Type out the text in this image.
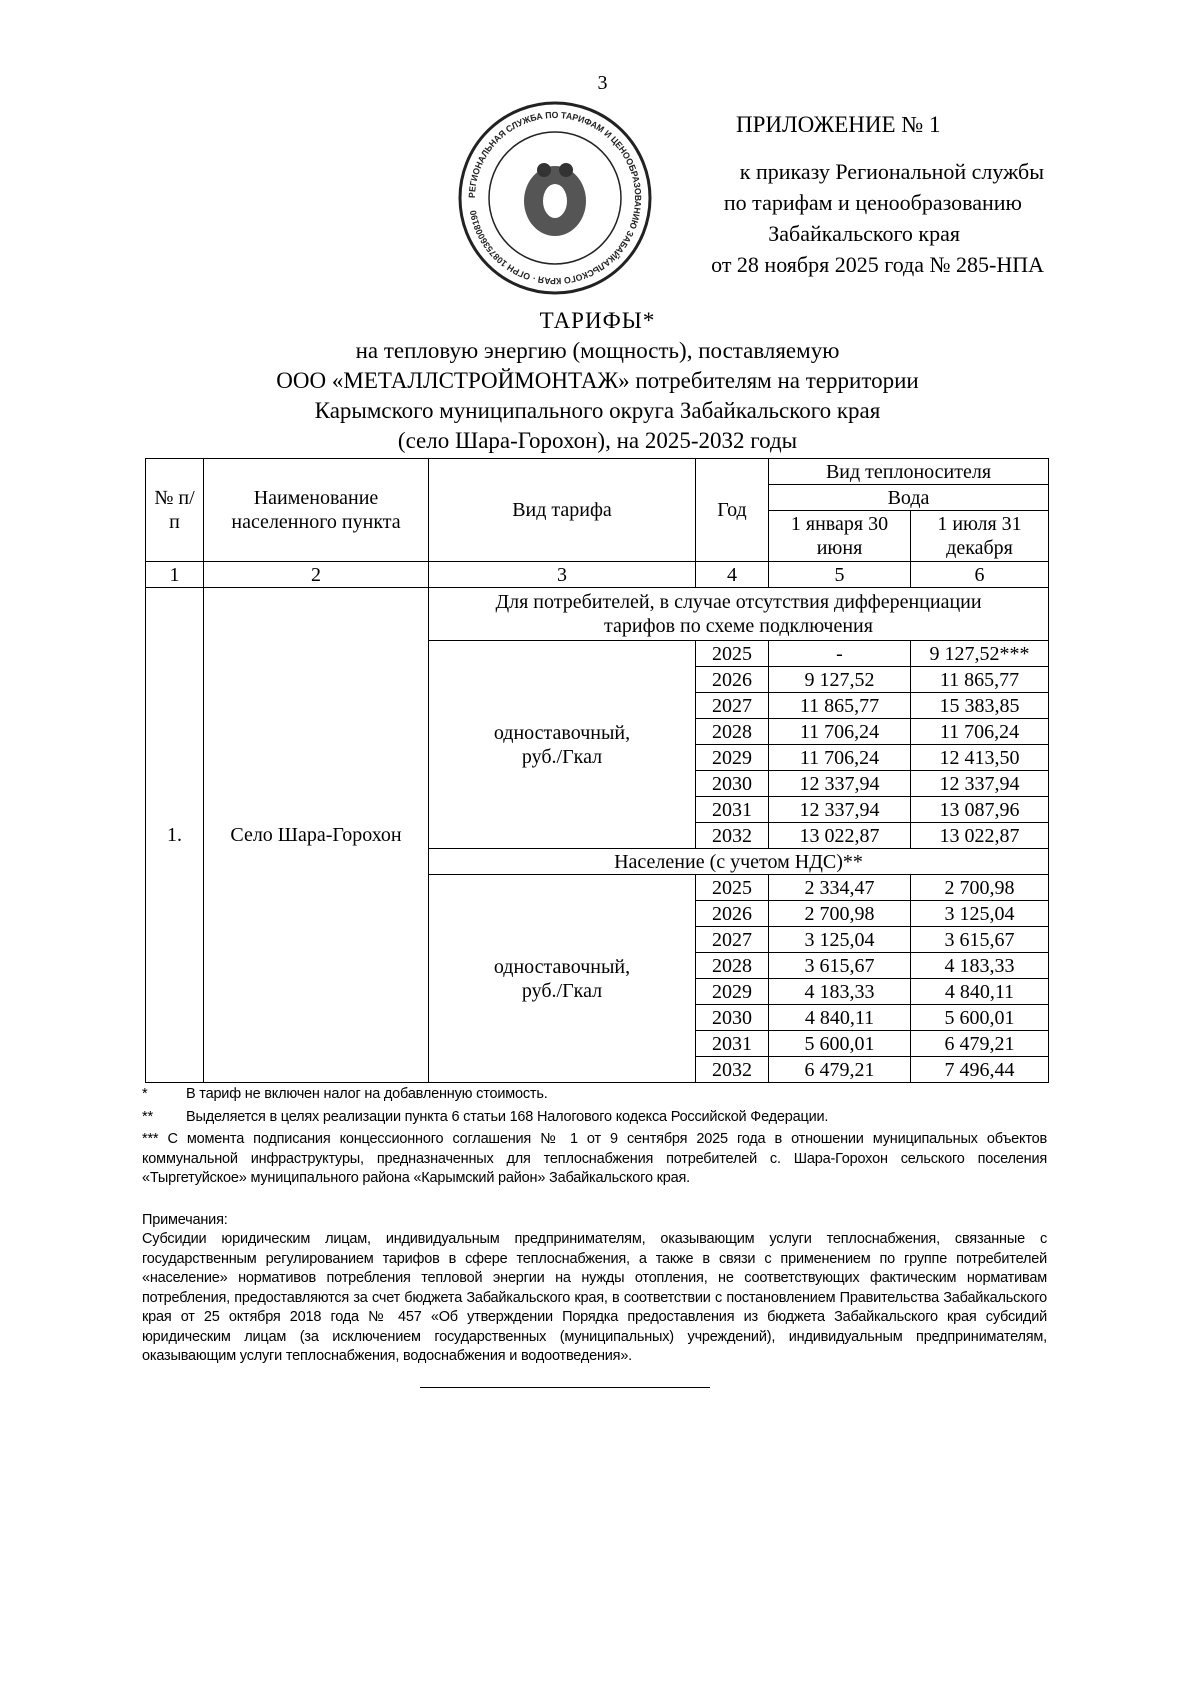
3
РЕГИОНАЛЬНАЯ СЛУЖБА ПО ТАРИФАМ И ЦЕНООБРАЗОВАНИЮ ЗАБАЙКАЛЬСКОГО КРАЯ · ОГРН 1087536008190
ПРИЛОЖЕНИЕ № 1
к приказу Региональной службы
по тарифам и ценообразованию
Забайкальского края
от 28 ноября 2025 года № 285-НПА
ТАРИФЫ*
на тепловую энергию (мощность), поставляемую
ООО «МЕТАЛЛСТРОЙМОНТАЖ» потребителям на территории
Карымского муниципального округа Забайкальского края
(село Шара-Горохон), на 2025-2032 годы
№ п/п	Наименование населенного пункта	Вид тарифа	Год	Вид теплоносителя	
				Вода	
				1 января 30 июня	1 июля 31 декабря
1	2	3	4	5	6
1.	Село Шара-Горохон	Для потребителей, в случае отсутствия дифференциации тарифов по схеме подключения			
		одноставочный, руб./Гкал	2025	-	9 127,52***
			2026	9 127,52	11 865,77
			2027	11 865,77	15 383,85
			2028	11 706,24	11 706,24
			2029	11 706,24	12 413,50
			2030	12 337,94	12 337,94
			2031	12 337,94	13 087,96
			2032	13 022,87	13 022,87
		Население (с учетом НДС)**			
		одноставочный, руб./Гкал	2025	2 334,47	2 700,98
			2026	2 700,98	3 125,04
			2027	3 125,04	3 615,67
			2028	3 615,67	4 183,33
			2029	4 183,33	4 840,11
			2030	4 840,11	5 600,01
			2031	5 600,01	6 479,21
			2032	6 479,21	7 496,44
*	В тариф не включен налог на добавленную стоимость.
**	Выделяется в целях реализации пункта 6 статьи 168 Налогового кодекса Российской Федерации.
*** С момента подписания концессионного соглашения № 1 от 9 сентября 2025 года в отношении муниципальных объектов коммунальной инфраструктуры, предназначенных для теплоснабжения потребителей с. Шара-Горохон сельского поселения «Тыргетуйское» муниципального района «Карымский район» Забайкальского края.
Примечания:
Субсидии юридическим лицам, индивидуальным предпринимателям, оказывающим услуги теплоснабжения, связанные с государственным регулированием тарифов в сфере теплоснабжения, а также в связи с применением по группе потребителей «население» нормативов потребления тепловой энергии на нужды отопления, не соответствующих фактическим нормативам потребления, предоставляются за счет бюджета Забайкальского края, в соответствии с постановлением Правительства Забайкальского края от 25 октября 2018 года № 457 «Об утверждении Порядка предоставления из бюджета Забайкальского края субсидий юридическим лицам (за исключением государственных (муниципальных) учреждений), индивидуальным предпринимателям, оказывающим услуги теплоснабжения, водоснабжения и водоотведения».
